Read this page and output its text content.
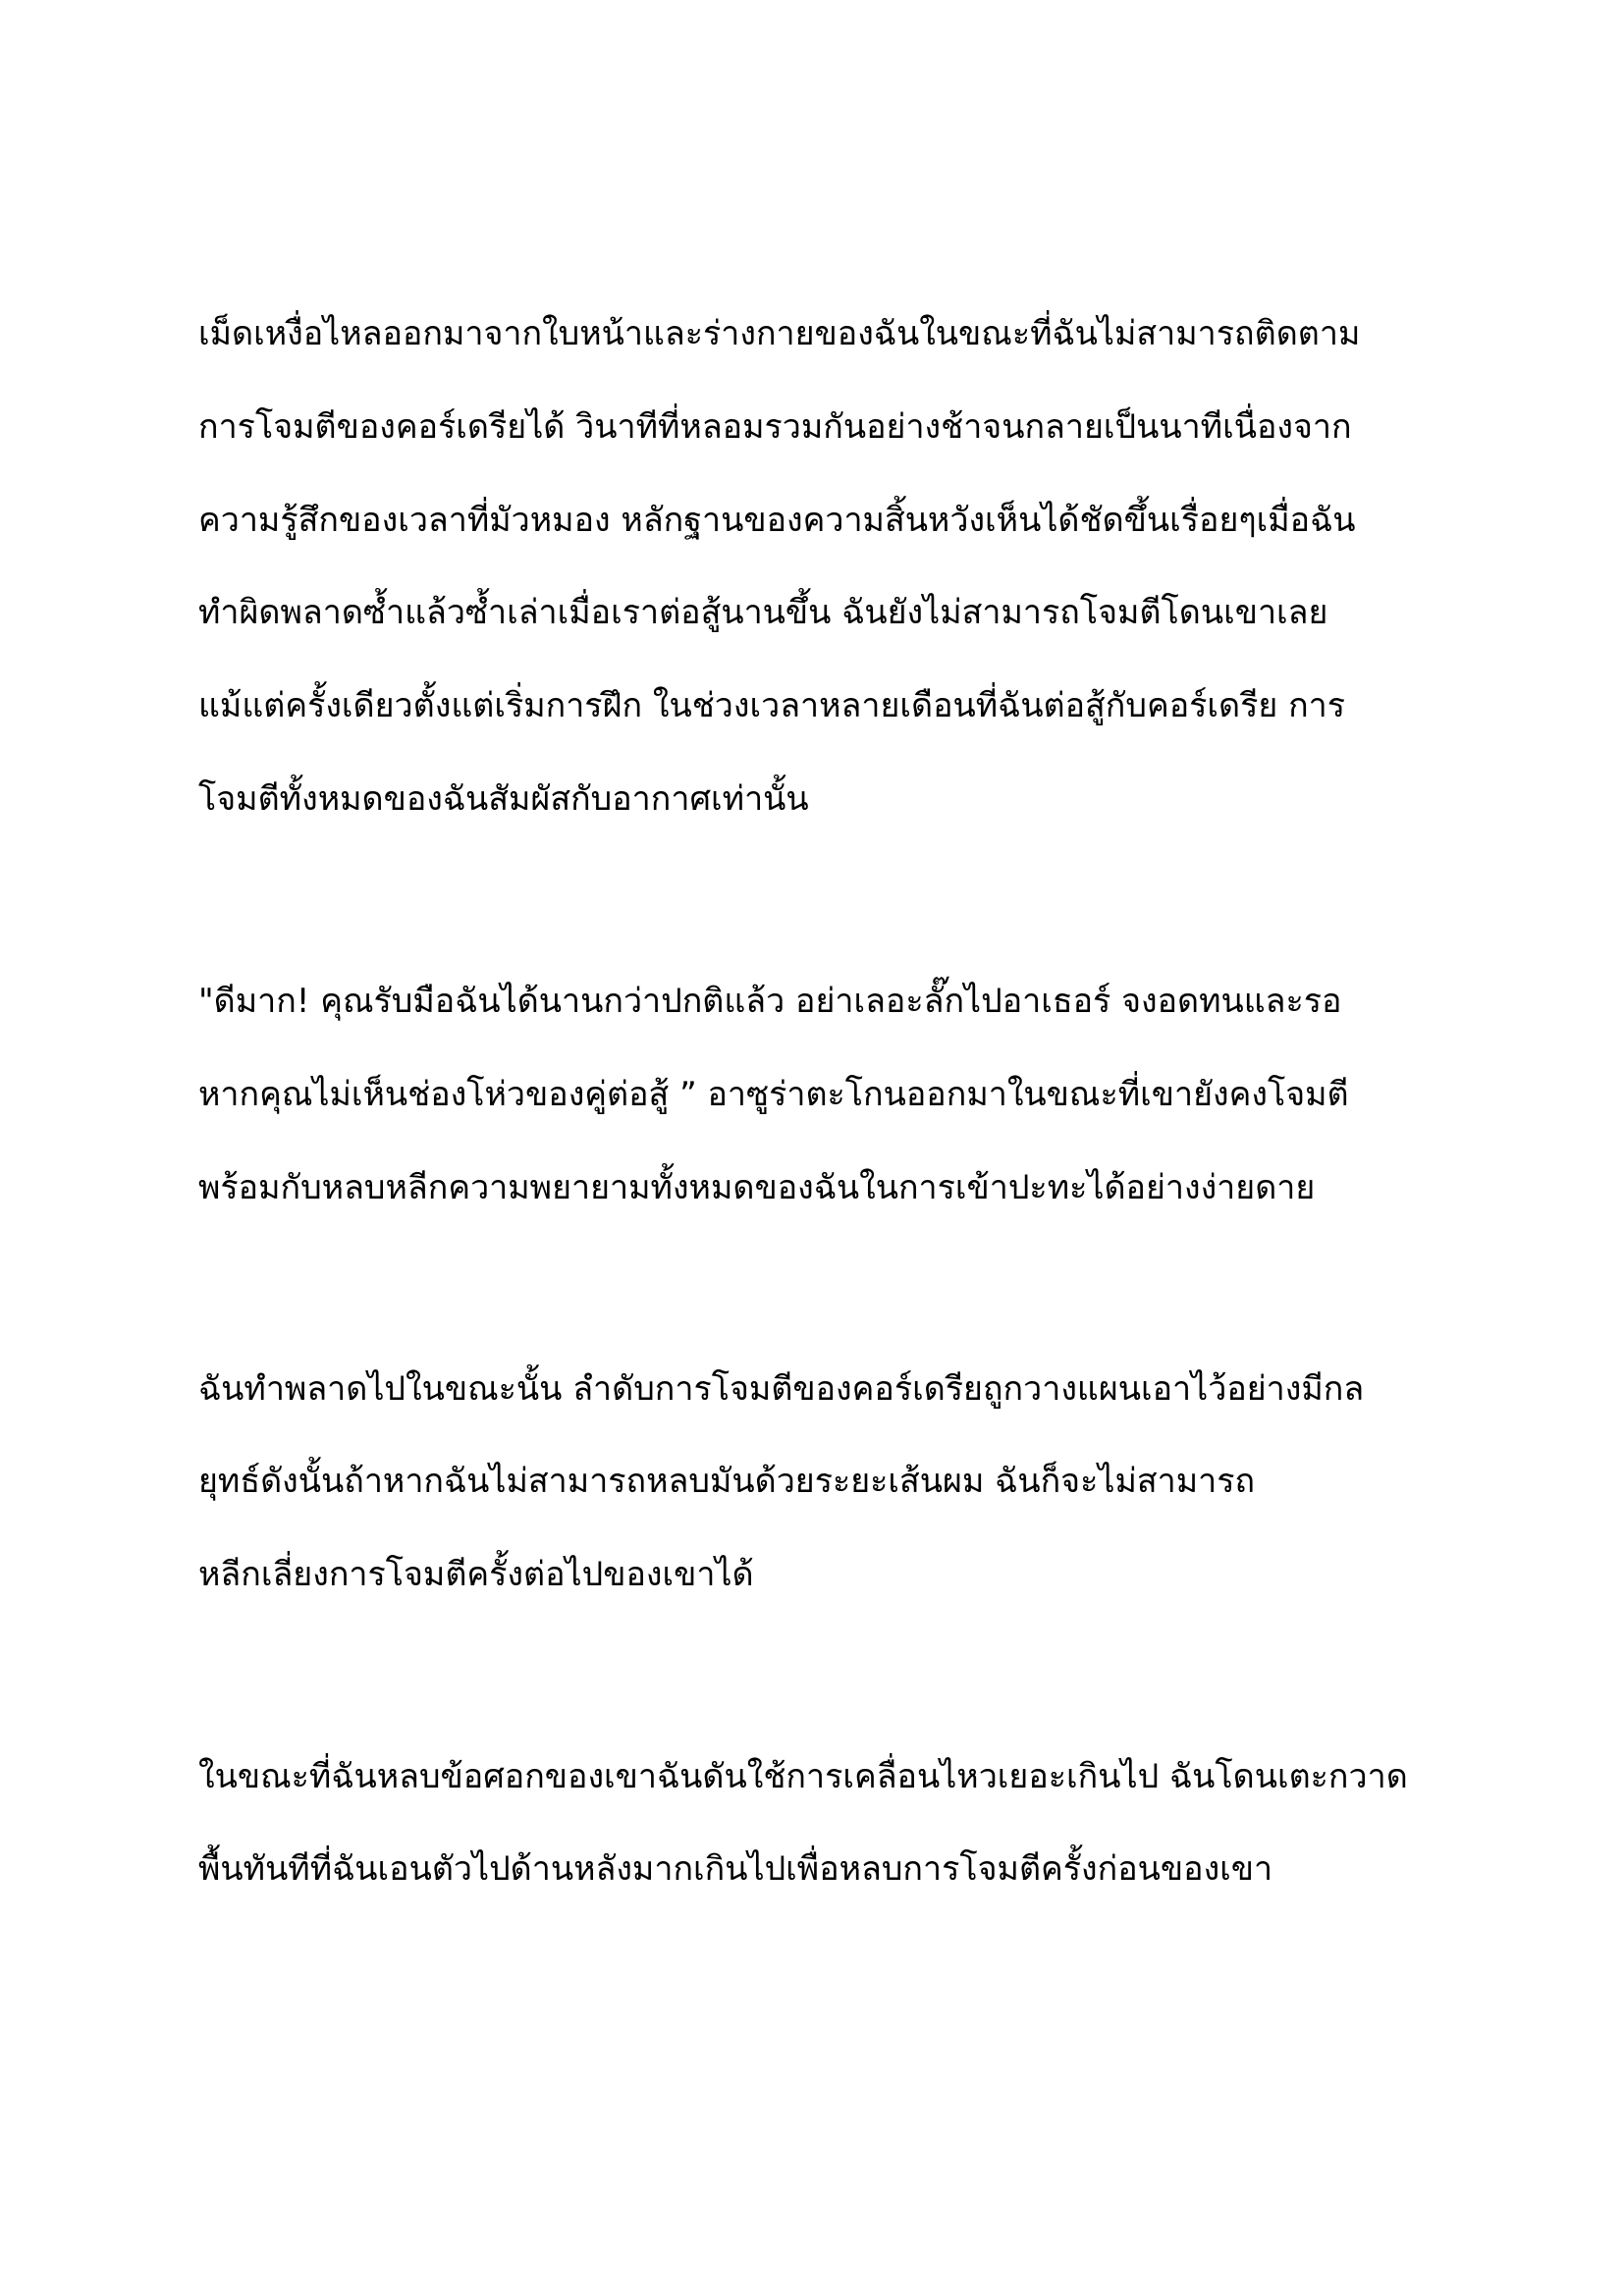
เม็ดเหงื่อไหลออกมาจากใบหน้าและร่างกายของฉันในขณะที่ฉันไม่สามารถติดตาม

การโจมตีของคอร์เดรียได้ วินาทีที่หลอมรวมกันอย่างช้าจนกลายเป็นนาทีเนื่องจาก

ความรู้สึกของเวลาที่มัวหมอง หลักฐานของความสิ้นหวังเห็นได้ชัดขึ้นเรื่อยๆเมื่อฉัน

ทำผิดพลาดซ้ำแล้วซ้ำเล่าเมื่อเราต่อสู้นานขึ้น ฉันยังไม่สามารถโจมตีโดนเขาเลย

แม้แต่ครั้งเดียวตั้งแต่เริ่มการฝึก ในช่วงเวลาหลายเดือนที่ฉันต่อสู้กับคอร์เดรีย การ

โจมตีทั้งหมดของฉันสัมผัสกับอากาศเท่านั้น

"ดีมาก! คุณรับมือฉันได้นานกว่าปกติแล้ว อย่าเลอะลั๊กไปอาเธอร์ จงอดทนและรอ

หากคุณไม่เห็นช่องโห่วของคู่ต่อสู้ ” อาซูร่าตะโกนออกมาในขณะที่เขายังคงโจมตี

พร้อมกับหลบหลีกความพยายามทั้งหมดของฉันในการเข้าปะทะได้อย่างง่ายดาย

ฉันทำพลาดไปในขณะนั้น ลำดับการโจมตีของคอร์เดรียถูกวางแผนเอาไว้อย่างมีกล

ยุทธ์ดังนั้นถ้าหากฉันไม่สามารถหลบมันด้วยระยะเส้นผม ฉันก็จะไม่สามารถ

หลีกเลี่ยงการโจมตีครั้งต่อไปของเขาได้

ในขณะที่ฉันหลบข้อศอกของเขาฉันดันใช้การเคลื่อนไหวเยอะเกินไป ฉันโดนเตะกวาด

พื้นทันทีที่ฉันเอนตัวไปด้านหลังมากเกินไปเพื่อหลบการโจมตีครั้งก่อนของเขา
